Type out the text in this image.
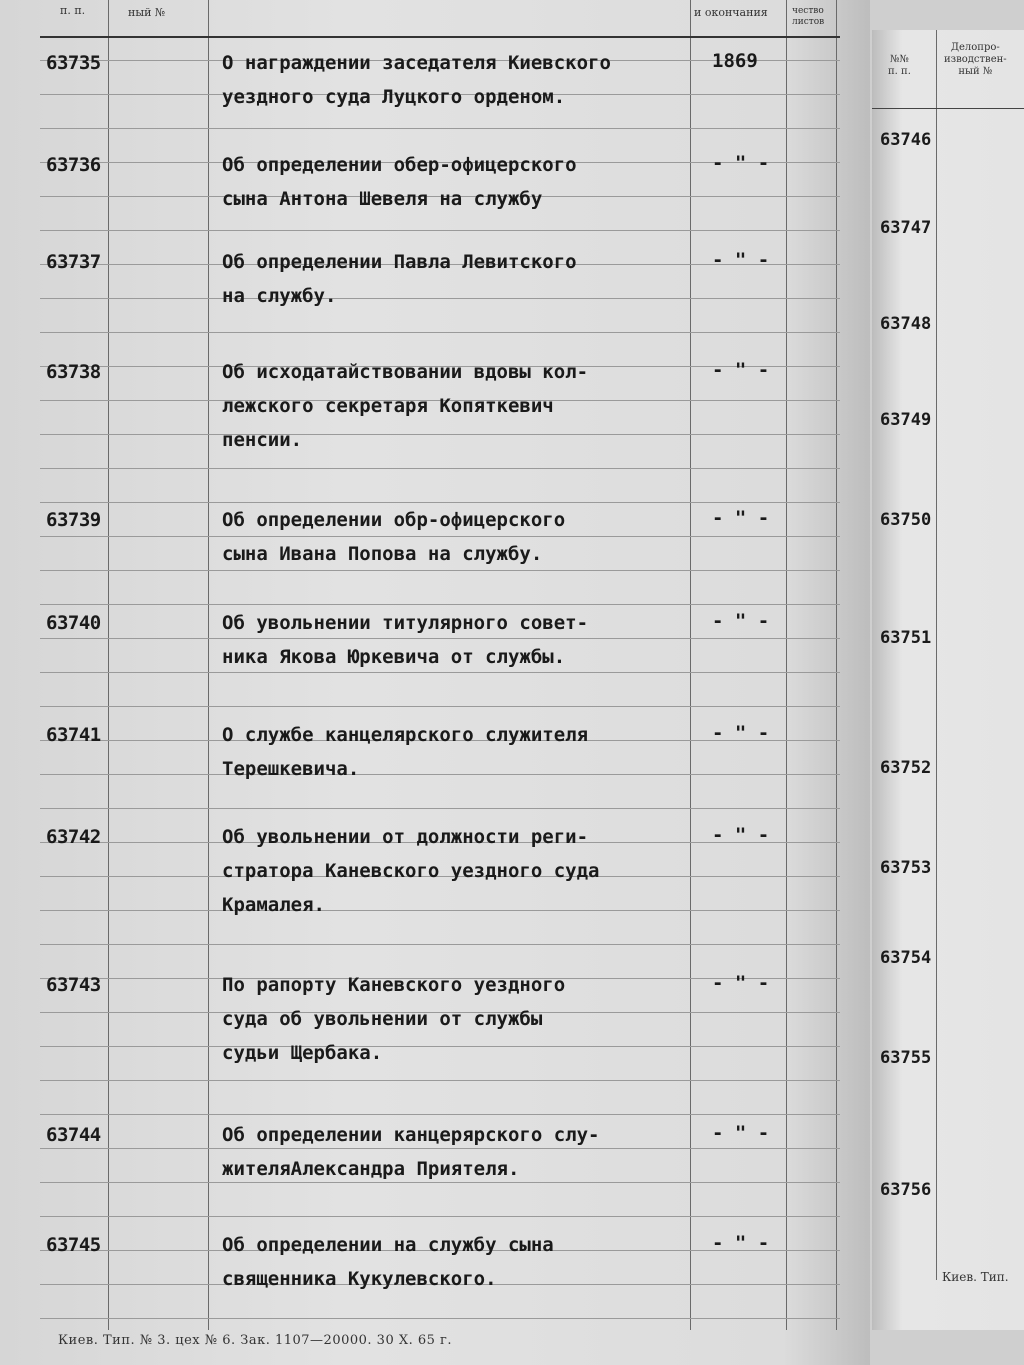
п. п.	ный №	и окончания	чество
листов
63735	О награждении заседателя Киевского
уездного суда Луцкого орденом.
1869
63736	Об определении обер-офицерского
сына Антона Шевеля на службу
- " -
63737	Об определении Павла Левитского
на службу.
- " -
63738	Об исходатайствовании вдовы кол-
лежского секретаря Копяткевич
пенсии.
- " -
63739	Об определении обр-офицерского
сына Ивана Попова на службу.
- " -
63740	Об увольнении титулярного совет-
ника Якова Юркевича от службы.
- " -
63741	О службе канцелярского служителя
Терешкевича.
- " -
63742	Об увольнении от должности реги-
стратора Каневского уездного суда
Крамалея.
- " -
63743	По рапорту Каневского уездного
суда об увольнении от службы
судьи Щербака.
- " -
63744	Об определении канцерярского слу-
жителяАлександра Приятеля.
- " -
63745	Об определении на службу сына
священника Кукулевского.
- " -
№№
п. п.
Делопро-
изводствен-
ный №
63746
63747
63748
63749
63750
63751
63752
63753
63754
63755
63756
Киев. Тип. № 3. цех № 6. Зак. 1107—20000. 30 X. 65 г.
Киев. Тип.
